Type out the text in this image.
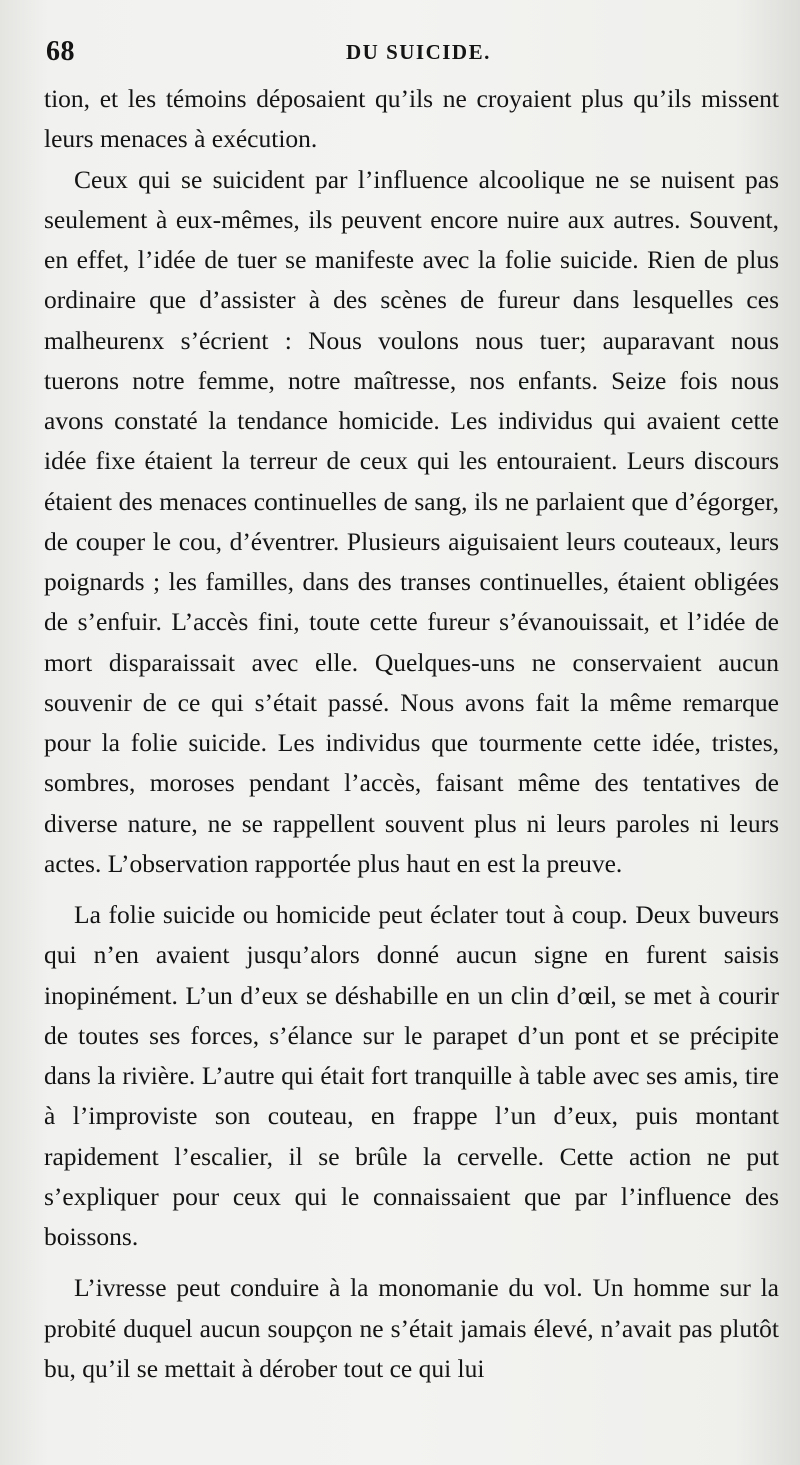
68	DU SUICIDE.

tion, et les témoins déposaient qu’ils ne croyaient plus qu’ils missent leurs menaces à exécution.

Ceux qui se suicident par l’influence alcoolique ne se nuisent pas seulement à eux-mêmes, ils peuvent encore nuire aux autres. Souvent, en effet, l’idée de tuer se manifeste avec la folie suicide. Rien de plus ordinaire que d’assister à des scènes de fureur dans lesquelles ces malheurenx s’écrient : Nous voulons nous tuer; auparavant nous tuerons notre femme, notre maîtresse, nos enfants. Seize fois nous avons constaté la tendance homicide. Les individus qui avaient cette idée fixe étaient la terreur de ceux qui les entouraient. Leurs discours étaient des menaces continuelles de sang, ils ne parlaient que d’égorger, de couper le cou, d’éventrer. Plusieurs aiguisaient leurs couteaux, leurs poignards ; les familles, dans des transes continuelles, étaient obligées de s’enfuir. L’accès fini, toute cette fureur s’évanouissait, et l’idée de mort disparaissait avec elle. Quelques-uns ne conservaient aucun souvenir de ce qui s’était passé. Nous avons fait la même remarque pour la folie suicide. Les individus que tourmente cette idée, tristes, sombres, moroses pendant l’accès, faisant même des tentatives de diverse nature, ne se rappellent souvent plus ni leurs paroles ni leurs actes. L’observation rapportée plus haut en est la preuve.

La folie suicide ou homicide peut éclater tout à coup. Deux buveurs qui n’en avaient jusqu’alors donné aucun signe en furent saisis inopinément. L’un d’eux se déshabille en un clin d’œil, se met à courir de toutes ses forces, s’élance sur le parapet d’un pont et se précipite dans la rivière. L’autre qui était fort tranquille à table avec ses amis, tire à l’improviste son couteau, en frappe l’un d’eux, puis montant rapidement l’escalier, il se brûle la cervelle. Cette action ne put s’expliquer pour ceux qui le connaissaient que par l’influence des boissons.

L’ivresse peut conduire à la monomanie du vol. Un homme sur la probité duquel aucun soupçon ne s’était jamais élevé, n’avait pas plutôt bu, qu’il se mettait à dérober tout ce qui lui
